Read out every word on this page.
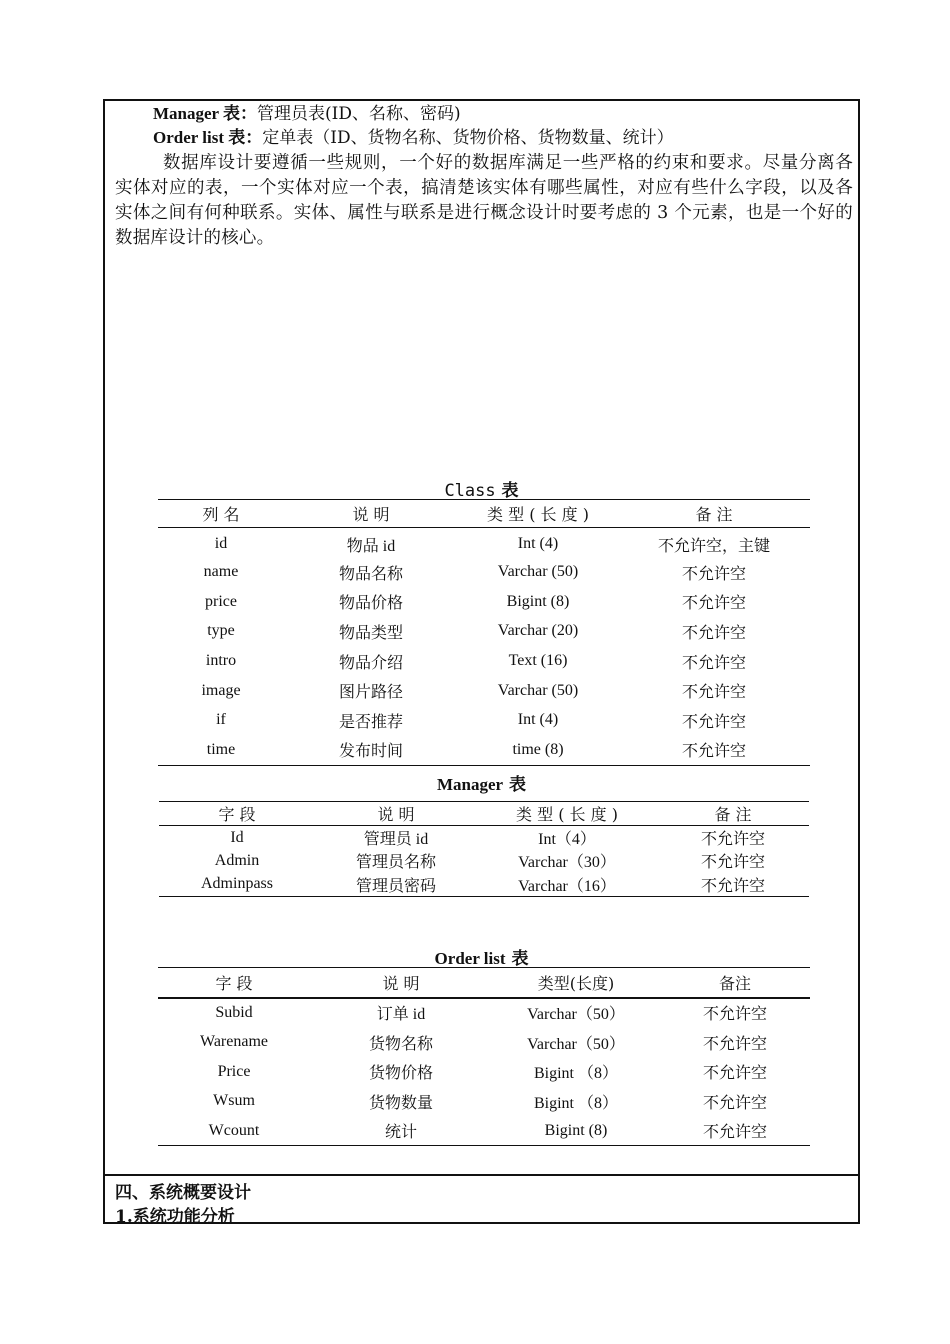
Manager 表：管理员表(ID、名称、密码)
Order list 表：定单表（ID、货物名称、货物价格、货物数量、统计）
数据库设计要遵循一些规则，一个好的数据库满足一些严格的约束和要求。尽量分离各实体对应的表，一个实体对应一个表，搞清楚该实体有哪些属性，对应有些什么字段，以及各实体之间有何种联系。实体、属性与联系是进行概念设计时要考虑的 3 个元素，也是一个好的数据库设计的核心。
Class 表
列 名	说 明	类 型 ( 长 度 )	备 注
id	物品 id	Int (4)	不允许空，主键
name	物品名称	Varchar (50)	不允许空
price	物品价格	Bigint (8)	不允许空
type	物品类型	Varchar (20)	不允许空
intro	物品介绍	Text (16)	不允许空
image	图片路径	Varchar (50)	不允许空
if	是否推荐	Int (4)	不允许空
time	发布时间	time (8)	不允许空
Manager 表
字 段	说 明	类 型 ( 长 度 )	备 注
Id	管理员 id	Int（4）	不允许空
Admin	管理员名称	Varchar（30）	不允许空
Adminpass	管理员密码	Varchar（16）	不允许空
Order list 表
字 段	说 明	类型(长度)	备注
Subid	订单 id	Varchar（50）	不允许空
Warename	货物名称	Varchar（50）	不允许空
Price	货物价格	Bigint （8）	不允许空
Wsum	货物数量	Bigint （8）	不允许空
Wcount	统计	Bigint (8)	不允许空
四、系统概要设计
1.系统功能分析
